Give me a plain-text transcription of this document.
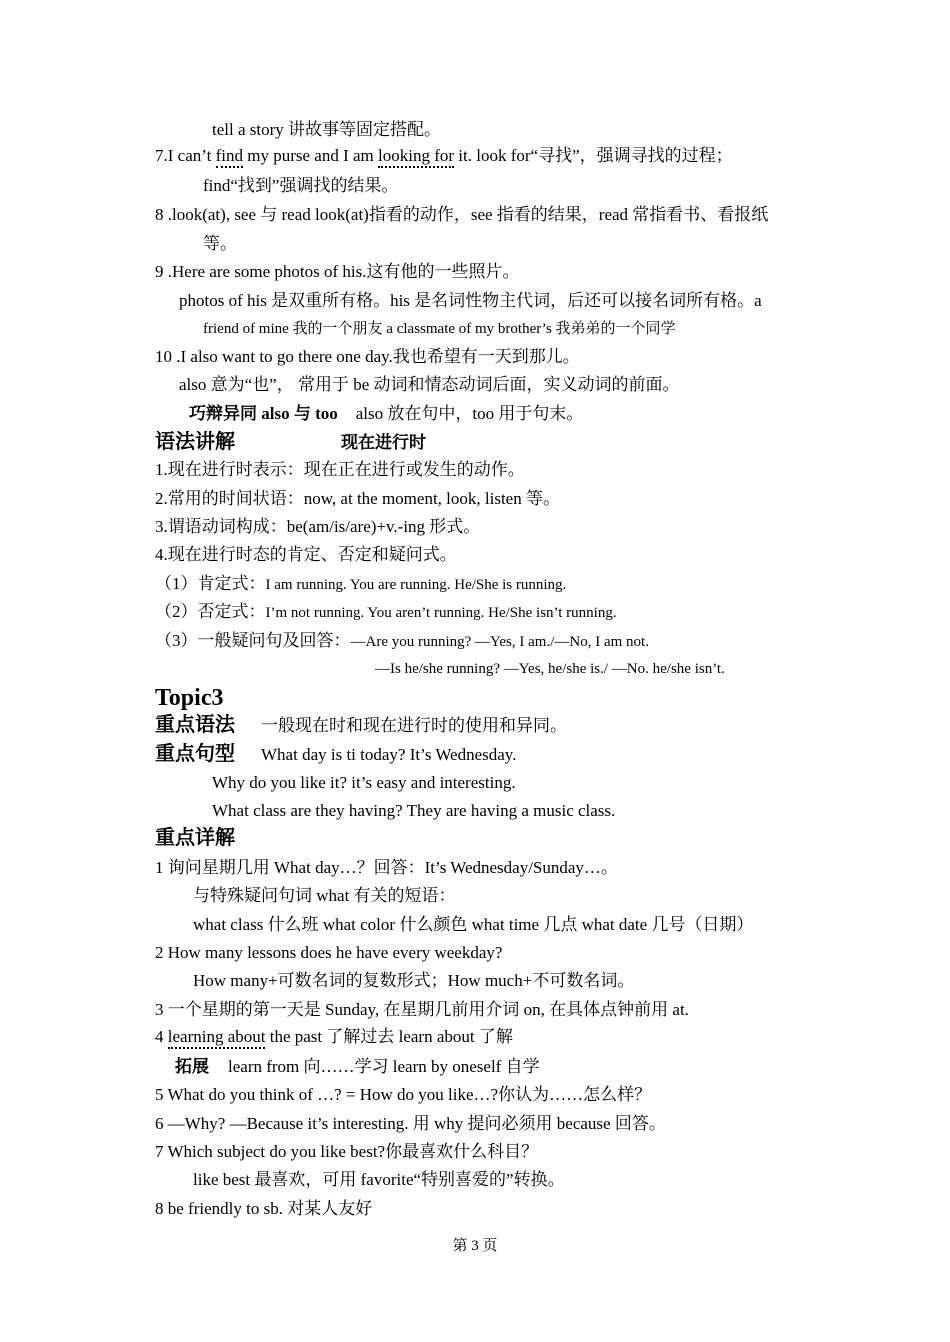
tell a story 讲故事等固定搭配。
7.I can’t find my purse and I am looking for it. look for“寻找”，强调寻找的过程；
find“找到”强调找的结果。
8 .look(at), see 与 read look(at)指看的动作，see 指看的结果，read 常指看书、看报纸
等。
9 .Here are some photos of his.这有他的一些照片。
photos of his 是双重所有格。his 是名词性物主代词，后还可以接名词所有格。a
friend of mine 我的一个朋友 a classmate of my brother’s 我弟弟的一个同学
10 .I also want to go there one day.我也希望有一天到那儿。
also 意为“也”， 常用于 be 动词和情态动词后面，实义动词的前面。
巧辩异同 also 与 too also 放在句中，too 用于句末。
语法讲解	现在进行时
1.现在进行时表示：现在正在进行或发生的动作。
2.常用的时间状语：now, at the moment, look, listen 等。
3.谓语动词构成：be(am/is/are)+v.-ing 形式。
4.现在进行时态的肯定、否定和疑问式。
（1）肯定式：I am running. You are running. He/She is running.
（2）否定式：I’m not running. You aren’t running. He/She isn’t running.
（3）一般疑问句及回答：—Are you running? —Yes, I am./—No, I am not.
—Is he/she running? —Yes, he/she is./ —No. he/she isn’t.
Topic3
重点语法 一般现在时和现在进行时的使用和异同。
重点句型 What day is ti today? It’s Wednesday.
Why do you like it? it’s easy and interesting.
What class are they having? They are having a music class.
重点详解
1 询问星期几用 What day…？回答：It’s Wednesday/Sunday…。
与特殊疑问句词 what 有关的短语：
what class 什么班 what color 什么颜色 what time 几点 what date 几号（日期）
2 How many lessons does he have every weekday?
How many+可数名词的复数形式；How much+不可数名词。
3 一个星期的第一天是 Sunday, 在星期几前用介词 on, 在具体点钟前用 at.
4 learning about the past 了解过去 learn about 了解
拓展 learn from 向……学习 learn by oneself 自学
5 What do you think of …? = How do you like…?你认为……怎么样？
6 —Why? —Because it’s interesting. 用 why 提问必须用 because 回答。
7 Which subject do you like best?你最喜欢什么科目？
like best 最喜欢，可用 favorite“特别喜爱的”转换。
8 be friendly to sb. 对某人友好
第 3 页
